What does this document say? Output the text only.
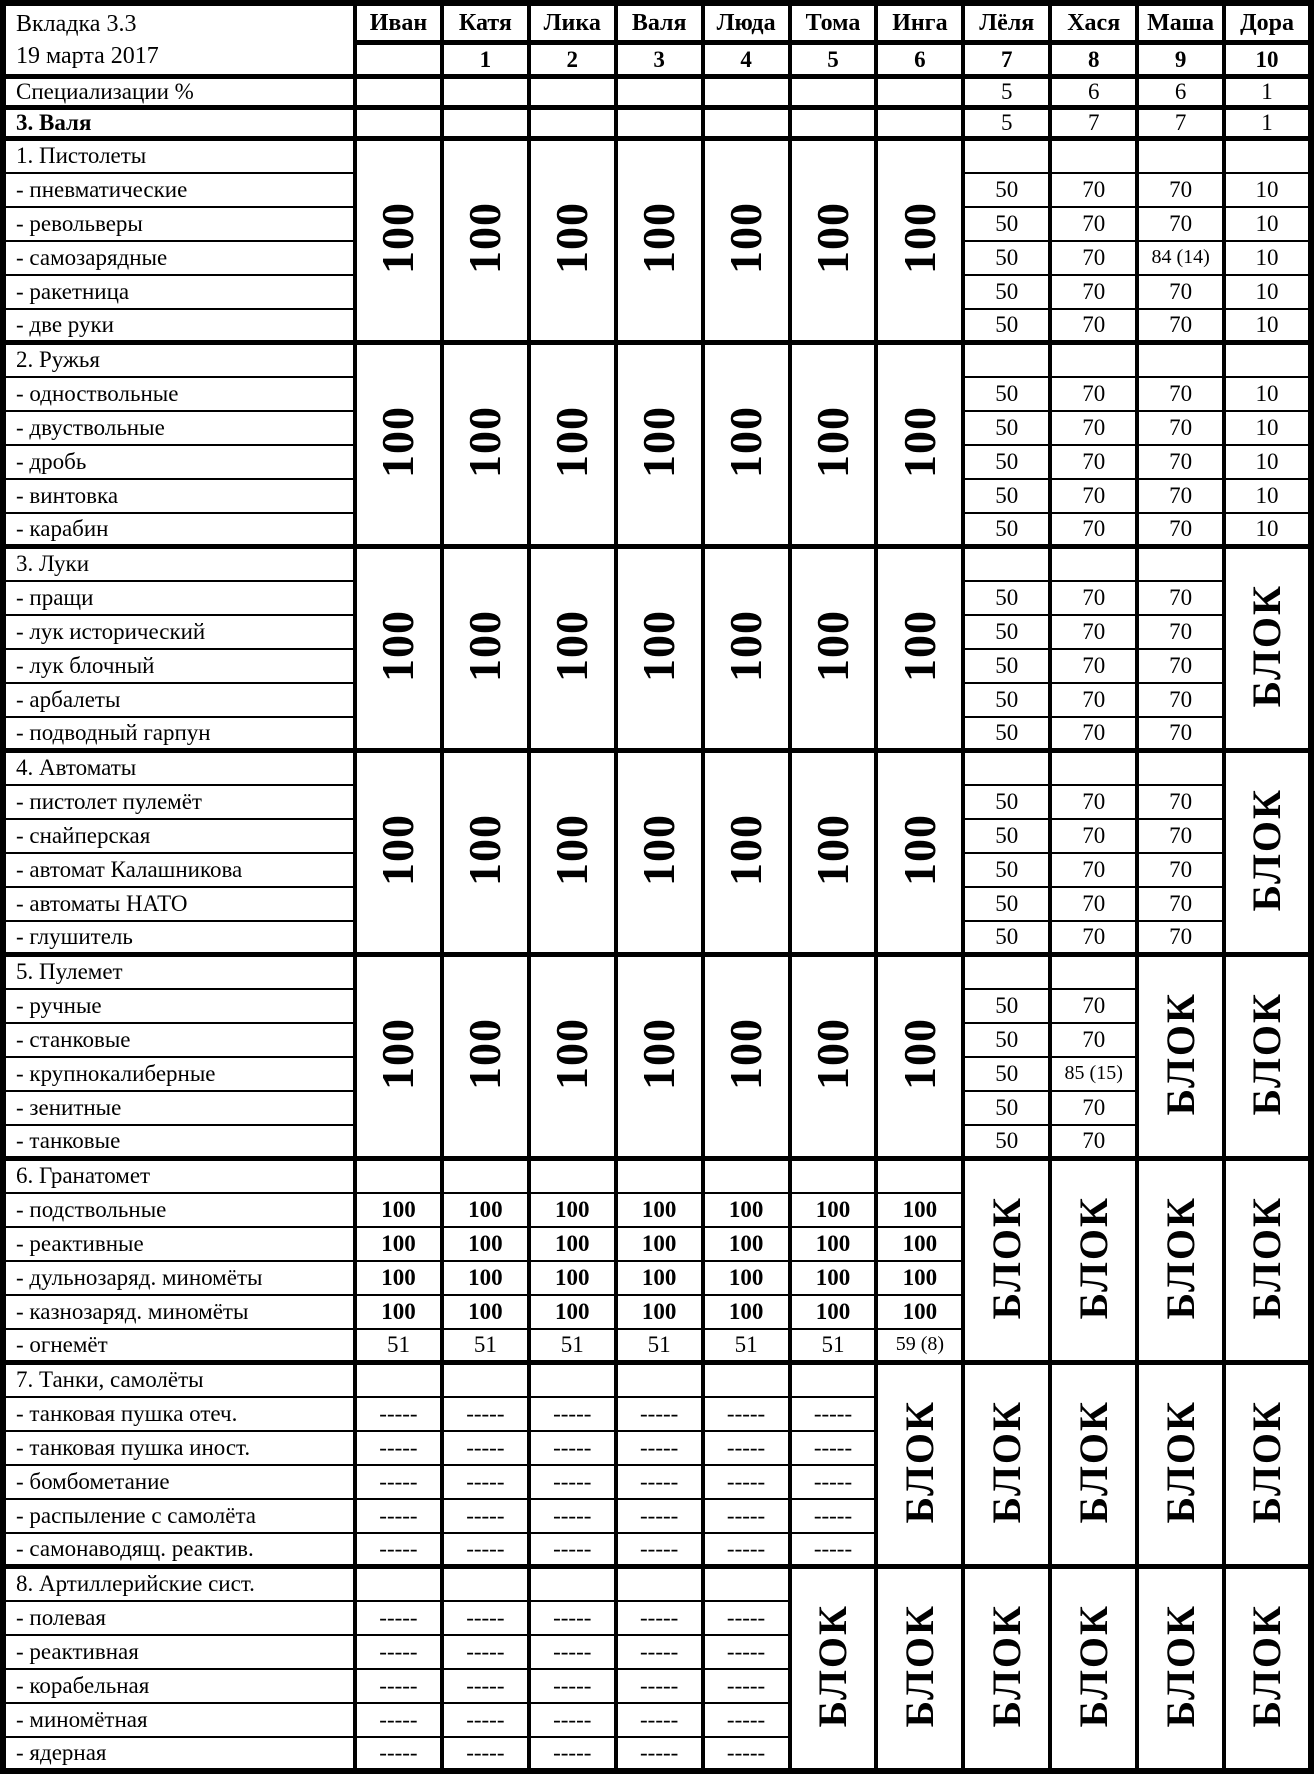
Вкладка 3.3
19 марта 2017	Иван	Катя	Лика	Валя	Люда	Тома	Инга	Лёля	Хася	Маша	Дора
		1	2	3	4	5	6	7	8	9	10
Специализации %								5	6	6	1
3. Валя								5	7	7	1
1. Пистолеты	100	100	100	100	100	100	100				
- пневматические								50	70	70	10
- револьверы								50	70	70	10
- самозарядные								50	70	84 (14)	10
- ракетница								50	70	70	10
- две руки								50	70	70	10
2. Ружья	100	100	100	100	100	100	100				
- одноствольные								50	70	70	10
- двуствольные								50	70	70	10
- дробь								50	70	70	10
- винтовка								50	70	70	10
- карабин								50	70	70	10
3. Луки	100	100	100	100	100	100	100				БЛОК
- пращи								50	70	70	
- лук исторический								50	70	70	
- лук блочный								50	70	70	
- арбалеты								50	70	70	
- подводный гарпун								50	70	70	
4. Автоматы	100	100	100	100	100	100	100				БЛОК
- пистолет пулемёт								50	70	70	
- снайперская								50	70	70	
- автомат Калашникова								50	70	70	
- автоматы НАТО								50	70	70	
- глушитель								50	70	70	
5. Пулемет	100	100	100	100	100	100	100			БЛОК	БЛОК
- ручные								50	70		
- станковые								50	70		
- крупнокалиберные								50	85 (15)		
- зенитные								50	70		
- танковые								50	70		
6. Гранатомет								БЛОК	БЛОК	БЛОК	БЛОК
- подствольные	100	100	100	100	100	100	100				
- реактивные	100	100	100	100	100	100	100				
- дульнозаряд. миномёты	100	100	100	100	100	100	100				
- казнозаряд. миномёты	100	100	100	100	100	100	100				
- огнемёт	51	51	51	51	51	51	59 (8)				
7. Танки, самолёты							БЛОК	БЛОК	БЛОК	БЛОК	БЛОК
- танковая пушка отеч.	-----	-----	-----	-----	-----	-----					
- танковая пушка иност.	-----	-----	-----	-----	-----	-----					
- бомбометание	-----	-----	-----	-----	-----	-----					
- распыление с самолёта	-----	-----	-----	-----	-----	-----					
- самонаводящ. реактив.	-----	-----	-----	-----	-----	-----					
8. Артиллерийские сист.						БЛОК	БЛОК	БЛОК	БЛОК	БЛОК	БЛОК
- полевая	-----	-----	-----	-----	-----						
- реактивная	-----	-----	-----	-----	-----						
- корабельная	-----	-----	-----	-----	-----						
- миномётная	-----	-----	-----	-----	-----						
- ядерная	-----	-----	-----	-----	-----						
